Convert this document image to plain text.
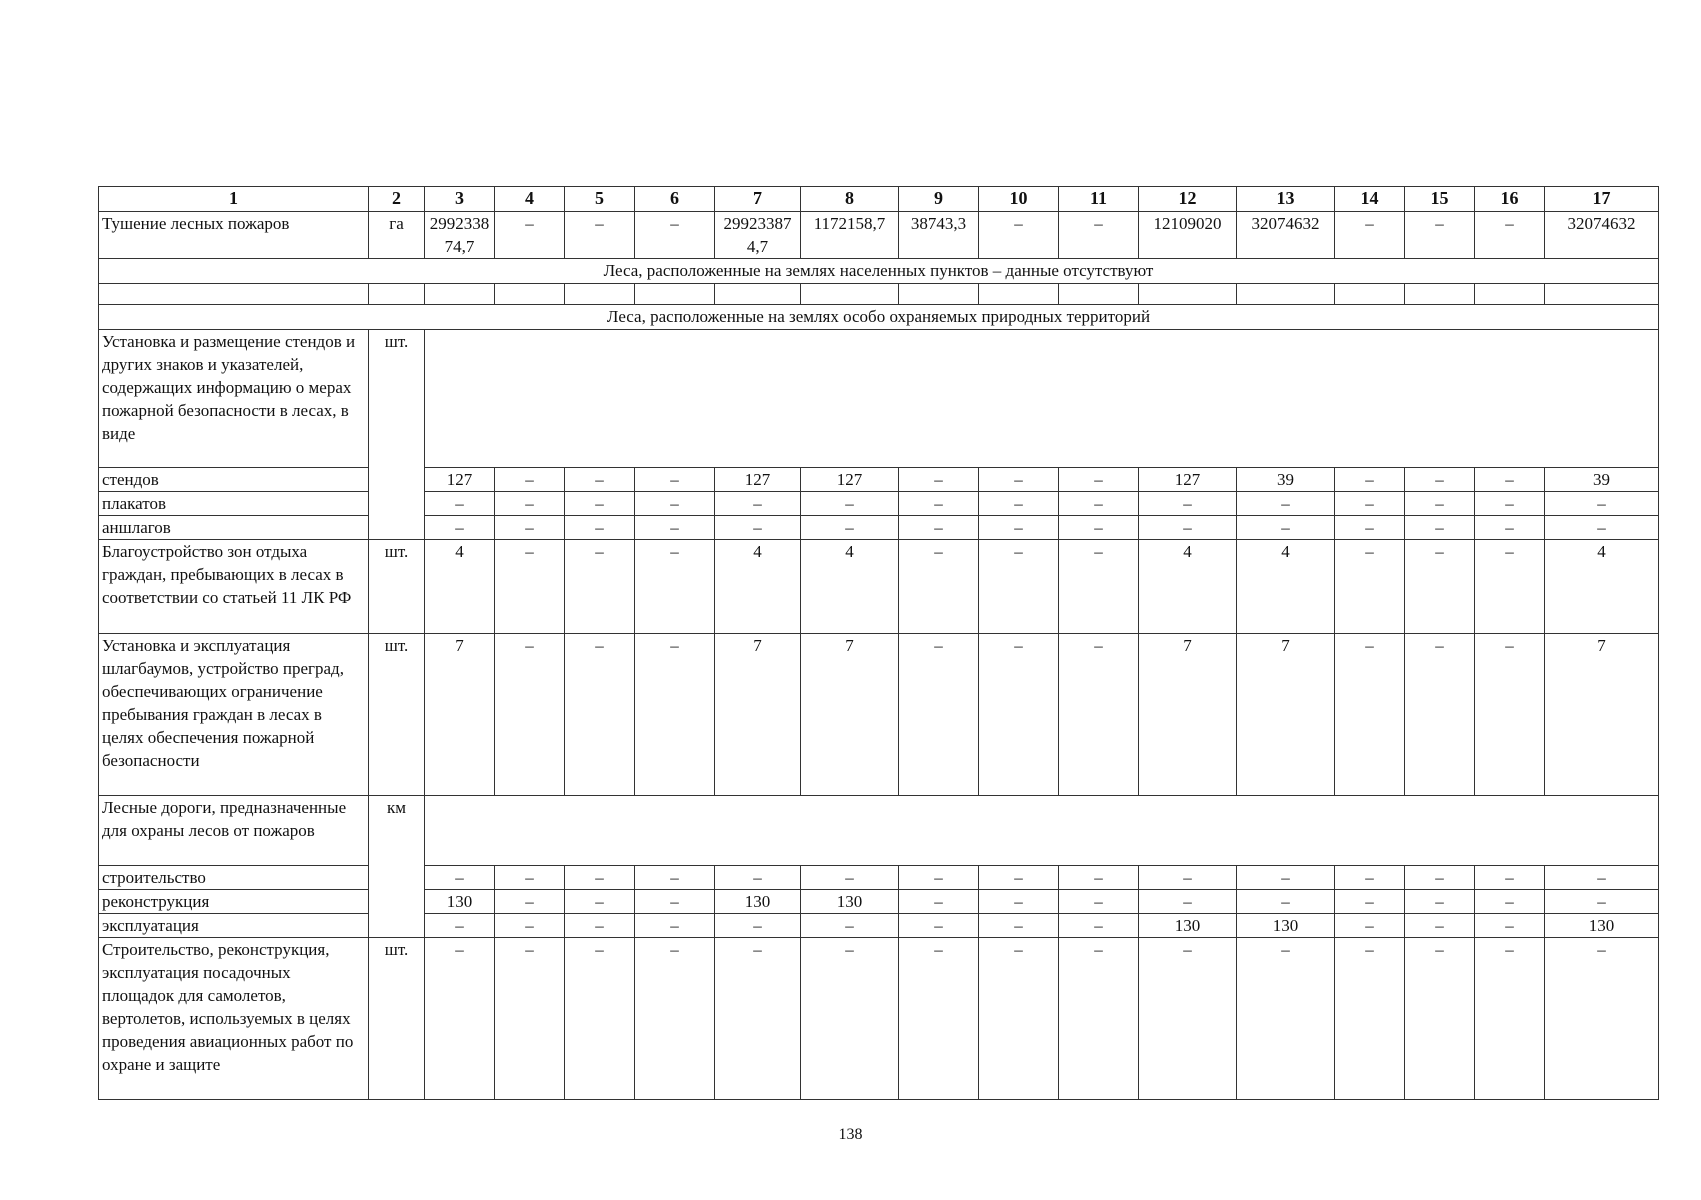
1	2	3	4	5	6	7	8	9	10	11	12	13	14	15	16	17
Тушение лесных пожаров	га	2992338 74,7	–	–	–	29923387 4,7	1172158,7	38743,3	–	–	12109020	32074632	–	–	–	32074632
Леса, расположенные на землях населенных пунктов – данные отсутствуют																

Леса, расположенные на землях особо охраняемых природных территорий																
Установка и размещение стендов и других знаков и указателей, содержащих информацию о мерах пожарной безопасности в лесах, в виде	шт.															
стендов		127	–	–	–	127	127	–	–	–	127	39	–	–	–	39
плакатов		–	–	–	–	–	–	–	–	–	–	–	–	–	–	–
аншлагов		–	–	–	–	–	–	–	–	–	–	–	–	–	–	–
Благоустройство зон отдыха граждан, пребывающих в лесах в соответствии со статьей 11 ЛК РФ	шт.	4	–	–	–	4	4	–	–	–	4	4	–	–	–	4
Установка и эксплуатация шлагбаумов, устройство преград, обеспечивающих ограничение пребывания граждан в лесах в целях обеспечения пожарной безопасности	шт.	7	–	–	–	7	7	–	–	–	7	7	–	–	–	7
Лесные дороги, предназначенные для охраны лесов от пожаров	км															
строительство		–	–	–	–	–	–	–	–	–	–	–	–	–	–	–
реконструкция		130	–	–	–	130	130	–	–	–	–	–	–	–	–	–
эксплуатация		–	–	–	–	–	–	–	–	–	130	130	–	–	–	130
Строительство, реконструкция, эксплуатация посадочных площадок для самолетов, вертолетов, используемых в целях проведения авиационных работ по охране и защите	шт.	–	–	–	–	–	–	–	–	–	–	–	–	–	–	–
138
